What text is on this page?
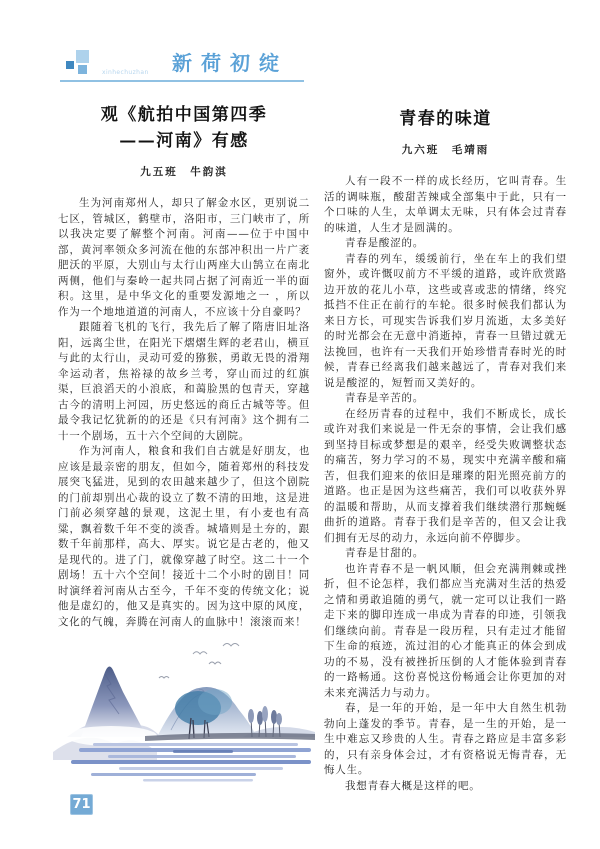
xinhechuzhan 新荷初绽
观《航拍中国第四季
——河南》有感
九五班　牛韵淇

生为河南郑州人，却只了解金水区，更别说二七区，管城区，鹤壁市，洛阳市，三门峡市了，所以我决定要了解整个河南。河南——位于中国中部，黄河率领众多河流在他的东部冲积出一片广袤肥沃的平原，大别山与太行山两座大山鹄立在南北两侧，他们与秦岭一起共同占据了河南近一半的面积。这里，是中华文化的重要发源地之一 ，所以作为一个地地道道的河南人，不应该十分自豪吗？

跟随着飞机的飞行，我先后了解了隋唐旧址洛阳，远离尘世，在阳光下熠熠生辉的老君山，横亘与此的太行山，灵动可爱的猕猴，勇敢无畏的滑翔伞运动者，焦裕禄的故乡兰考，穿山而过的红旗渠，巨浪滔天的小浪底，和蔼脸黑的包青天，穿越古今的清明上河园，历史悠远的商丘古城等等。但最令我记忆犹新的的还是《只有河南》这个拥有二十一个剧场，五十六个空间的大剧院。

作为河南人，粮食和我们自古就是好朋友，也应该是最亲密的朋友，但如今，随着郑州的科技发展突飞猛进，见到的农田越来越少了，但这个剧院的门前却别出心裁的设立了数不清的田地，这是进门前必须穿越的景观，这泥土里，有小麦也有高粱，飘着数千年不变的淡香。城墙则是土夯的，跟数千年前那样，高大、厚实。说它是古老的，他又是现代的。进了门，就像穿越了时空。这二十一个剧场！五十六个空间！接近十二个小时的剧目！同时演绎着河南从古至今，千年不变的传统文化；说他是虚幻的，他又是真实的。因为这中原的风度，文化的气魄，奔腾在河南人的血脉中！滚滚而来！

青春的味道
九六班　毛靖雨

人有一段不一样的成长经历，它叫青春。生活的调味瓶，酸甜苦辣咸全部集中于此，只有一个口味的人生，太单调太无味，只有体会过青春的味道，人生才是圆满的。

青春是酸涩的。

青春的列车，缓缓前行，坐在车上的我们望窗外，或许慨叹前方不平缓的道路，或许欣赏路边开放的花儿小草，这些或喜或悲的情绪，终究抵挡不住正在前行的车轮。很多时候我们都认为来日方长，可现实告诉我们岁月流逝，太多美好的时光都会在无意中消逝掉，青春一旦错过就无法挽回，也许有一天我们开始珍惜青春时光的时候，青春已经离我们越来越远了，青春对我们来说是酸涩的，短暂而又美好的。

青春是辛苦的。

在经历青春的过程中，我们不断成长，成长或许对我们来说是一件无奈的事情，会让我们感到坚持目标或梦想是的艰辛，经受失败调整状态的痛苦，努力学习的不易，现实中充满辛酸和痛苦，但我们迎来的依旧是璀璨的阳光照亮前方的道路。也正是因为这些痛苦，我们可以收获外界的温暖和帮助，从而支撑着我们继续潜行那蜿蜒曲折的道路。青春于我们是辛苦的，但又会让我们拥有无尽的动力，永远向前不停脚步。

青春是甘甜的。

也许青春不是一帆风顺，但会充满荆棘或挫折，但不论怎样，我们都应当充满对生活的热爱之情和勇敢追随的勇气，就一定可以让我们一路走下来的脚印连成一串成为青春的印迹，引领我们继续向前。青春是一段历程，只有走过才能留下生命的痕迹，流过泪的心才能真正的体会到成功的不易，没有被挫折压倒的人才能体验到青春的一路畅通。这份喜悦这份畅通会让你更加的对未来充满活力与动力。

春，是一年的开始，是一年中大自然生机勃勃向上蓬发的季节。青春，是一生的开始，是一生中难忘又珍贵的人生。青春之路应是丰富多彩的，只有亲身体会过，才有资格说无悔青春，无悔人生。

我想青春大概是这样的吧。

71
